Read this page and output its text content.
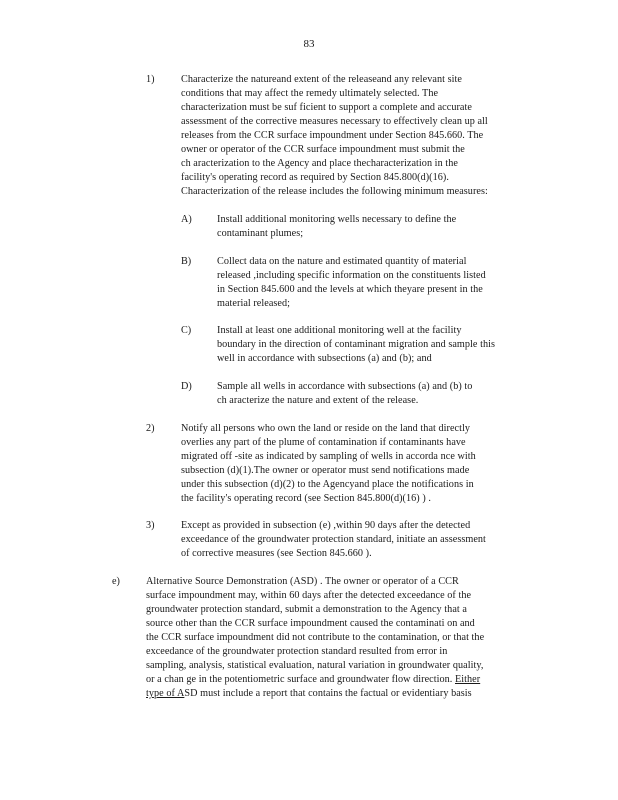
83
1)	Characterize the natureand extent of the releaseand any relevant site
conditions that may affect the remedy ultimately selected. The
characterization must be suf ficient to support a complete and accurate
assessment of the corrective measures necessary to effectively clean up all
releases from the CCR surface impoundment under Section 845.660. The
owner or operator of the CCR surface impoundment must submit the
ch aracterization to the Agency and place thecharacterization in the
facility's operating record as required by Section 845.800(d)(16).
Characterization of the release includes the following minimum measures:
A) Install additional monitoring wells necessary to define the
contaminant plumes;
B)	Collect data on the nature and estimated quantity of material
released ,including specific information on the constituents listed
in Section 845.600 and the levels at which theyare present in the
material released;
C)	Install at least one additional monitoring well at the facility
boundary in the direction of contaminant migration and sample this
well in accordance with subsections (a) and (b); and
D) Sample all wells in accordance with subsections (a) and (b) to
ch aracterize the nature and extent of the release.
2)	Notify all persons who own the land or reside on the land that directly
overlies any part of the plume of contamination if contaminants have
migrated off -site as indicated by sampling of wells in accorda nce with
subsection (d)(1).The owner or operator must send notifications made
under this subsection (d)(2) to the Agencyand place the notifications in
the facility's operating record (see Section 845.800(d)(16) ) .
3)	Except as provided in subsection (e) ,within 90 days after the detected
exceedance of the groundwater protection standard, initiate an assessment
of corrective measures (see Section 845.660 ).
e)	Alternative Source Demonstration (ASD) . The owner or operator of a CCR
surface impoundment may, within 60 days after the detected exceedance of the
groundwater protection standard, submit a demonstration to the Agency that a
source other than the CCR surface impoundment caused the contaminati on and
the CCR surface impoundment did not contribute to the contamination, or that the
exceedance of the groundwater protection standard resulted from error in
sampling, analysis, statistical evaluation, natural variation in groundwater quality,
or a chan ge in the potentiometric surface and groundwater flow direction. Either
type of ASD must include a report that contains the factual or evidentiary basis
